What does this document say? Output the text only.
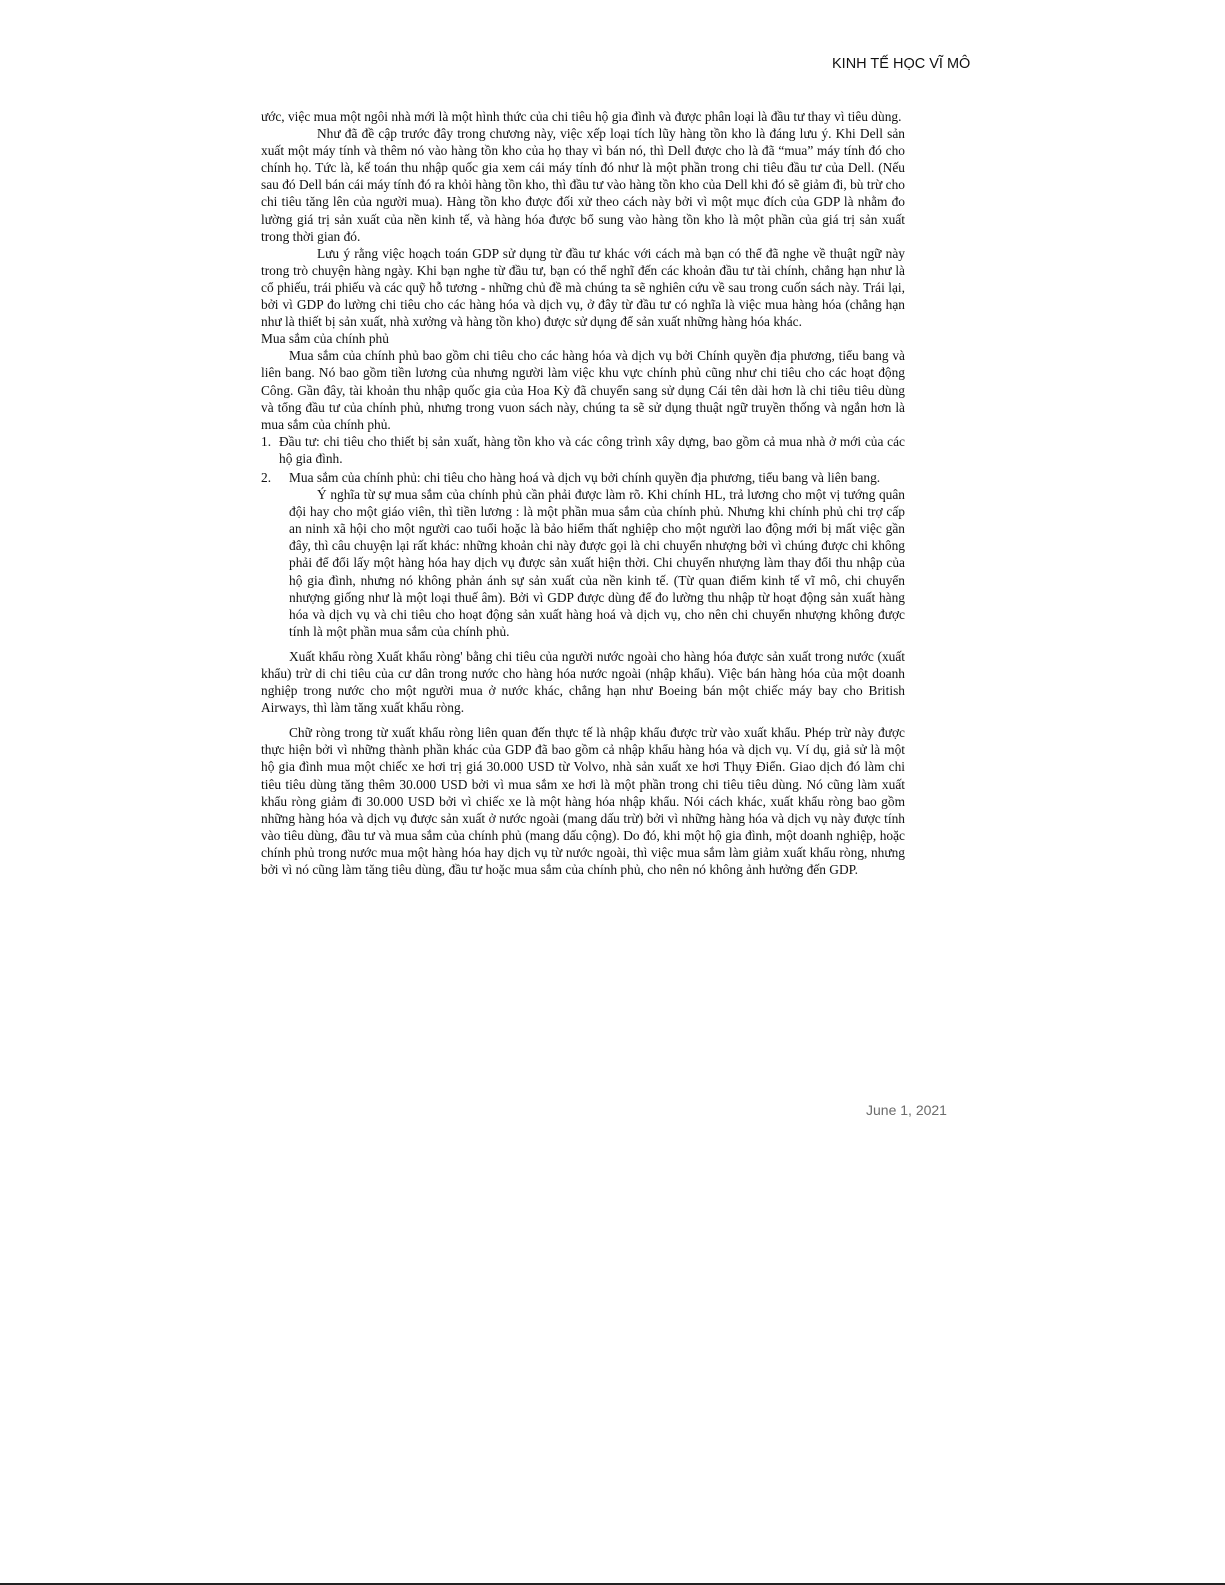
KINH TẾ HỌC VĨ MÔ

ước, việc mua một ngôi nhà mới là một hình thức của chi tiêu hộ gia đình và được phân loại là đầu tư thay vì tiêu dùng.

Như đã đề cập trước đây trong chương này, việc xếp loại tích lũy hàng tồn kho là đáng lưu ý. Khi Dell sản xuất một máy tính và thêm nó vào hàng tồn kho của họ thay vì bán nó, thì Dell được cho là đã “mua” máy tính đó cho chính họ. Tức là, kế toán thu nhập quốc gia xem cái máy tính đó như là một phần trong chi tiêu đầu tư của Dell. (Nếu sau đó Dell bán cái máy tính đó ra khỏi hàng tồn kho, thì đầu tư vào hàng tồn kho của Dell khi đó sẽ giảm đi, bù trừ cho chi tiêu tăng lên của người mua). Hàng tồn kho được đối xử theo cách này bởi vì một mục đích của GDP là nhằm đo lường giá trị sản xuất của nền kinh tế, và hàng hóa được bổ sung vào hàng tồn kho là một phần của giá trị sản xuất trong thời gian đó.

Lưu ý rằng việc hoạch toán GDP sử dụng từ đầu tư khác với cách mà bạn có thể đã nghe về thuật ngữ này trong trò chuyện hàng ngày. Khi bạn nghe từ đầu tư, bạn có thể nghĩ đến các khoản đầu tư tài chính, chẳng hạn như là cổ phiếu, trái phiếu và các quỹ hỗ tương - những chủ đề mà chúng ta sẽ nghiên cứu về sau trong cuốn sách này. Trái lại, bởi vì GDP đo lường chi tiêu cho các hàng hóa và dịch vụ, ở đây từ đầu tư có nghĩa là việc mua hàng hóa (chẳng hạn như là thiết bị sản xuất, nhà xưởng và hàng tồn kho) được sử dụng để sản xuất những hàng hóa khác.

Mua sắm của chính phủ

Mua sắm của chính phủ bao gồm chi tiêu cho các hàng hóa và dịch vụ bởi Chính quyền địa phương, tiểu bang và liên bang. Nó bao gồm tiền lương của nhưng người làm việc khu vực chính phủ cũng như chi tiêu cho các hoạt động Công. Gần đây, tài khoản thu nhập quốc gia của Hoa Kỳ đã chuyển sang sử dụng Cái tên dài hơn là chi tiêu tiêu dùng và tổng đầu tư của chính phủ, nhưng trong vuon sách này, chúng ta sẽ sử dụng thuật ngữ truyền thống và ngắn hơn là mua sắm của chính phủ.

1. Đầu tư: chi tiêu cho thiết bị sản xuất, hàng tồn kho và các công trình xây dựng, bao gồm cả mua nhà ở mới của các hộ gia đình.
2.	Mua sắm của chính phủ: chi tiêu cho hàng hoá và dịch vụ bởi chính quyền địa phương, tiểu bang và liên bang.

Ý nghĩa từ sự mua sắm của chính phủ cần phải được làm rõ. Khi chính HL, trả lương cho một vị tướng quân đội hay cho một giáo viên, thì tiền lương : là một phần mua sắm của chính phủ. Nhưng khi chính phủ chi trợ cấp an ninh xã hội cho một người cao tuổi hoặc là bảo hiểm thất nghiệp cho một người lao động mới bị mất việc gần đây, thì câu chuyện lại rất khác: những khoản chi này được gọi là chi chuyển nhượng bởi vì chúng được chi không phải để đổi lấy một hàng hóa hay dịch vụ được sản xuất hiện thời. Chi chuyển nhượng làm thay đổi thu nhập của hộ gia đình, nhưng nó không phản ánh sự sản xuất của nền kinh tế. (Từ quan điểm kinh tế vĩ mô, chi chuyển nhượng giống như là một loại thuế âm). Bởi vì GDP được dùng để đo lường thu nhập từ hoạt động sản xuất hàng hóa và dịch vụ và chi tiêu cho hoạt động sản xuất hàng hoá và dịch vụ, cho nên chi chuyển nhượng không được tính là một phần mua sắm của chính phủ.

Xuất khẩu ròng Xuất khẩu ròng' bằng chi tiêu của người nước ngoài cho hàng hóa được sản xuất trong nước (xuất khẩu) trừ di chi tiêu của cư dân trong nước cho hàng hóa nước ngoài (nhập khẩu). Việc bán hàng hóa của một doanh nghiệp trong nước cho một người mua ở nước khác, chẳng hạn như Boeing bán một chiếc máy bay cho British Airways, thì làm tăng xuất khẩu ròng.

Chữ ròng trong từ xuất khẩu ròng liên quan đến thực tế là nhập khẩu được trừ vào xuất khẩu. Phép trừ này được thực hiện bởi vì những thành phần khác của GDP đã bao gồm cả nhập khẩu hàng hóa và dịch vụ. Ví dụ, giả sử là một hộ gia đình mua một chiếc xe hơi trị giá 30.000 USD từ Volvo, nhà sản xuất xe hơi Thụy Điển. Giao dịch đó làm chi tiêu tiêu dùng tăng thêm 30.000 USD bởi vì mua sắm xe hơi là một phần trong chi tiêu tiêu dùng. Nó cũng làm xuất khẩu ròng giảm đi 30.000 USD bởi vì chiếc xe là một hàng hóa nhập khẩu. Nói cách khác, xuất khẩu ròng bao gồm những hàng hóa và dịch vụ được sản xuất ở nước ngoài (mang dấu trừ) bởi vì những hàng hóa và dịch vụ này được tính vào tiêu dùng, đầu tư và mua sắm của chính phủ (mang dấu cộng). Do đó, khi một hộ gia đình, một doanh nghiệp, hoặc chính phủ trong nước mua một hàng hóa hay dịch vụ từ nước ngoài, thì việc mua sắm làm giảm xuất khẩu ròng, nhưng bởi vì nó cũng làm tăng tiêu dùng, đầu tư hoặc mua sắm của chính phủ, cho nên nó không ảnh hưởng đến GDP.

June 1, 2021
